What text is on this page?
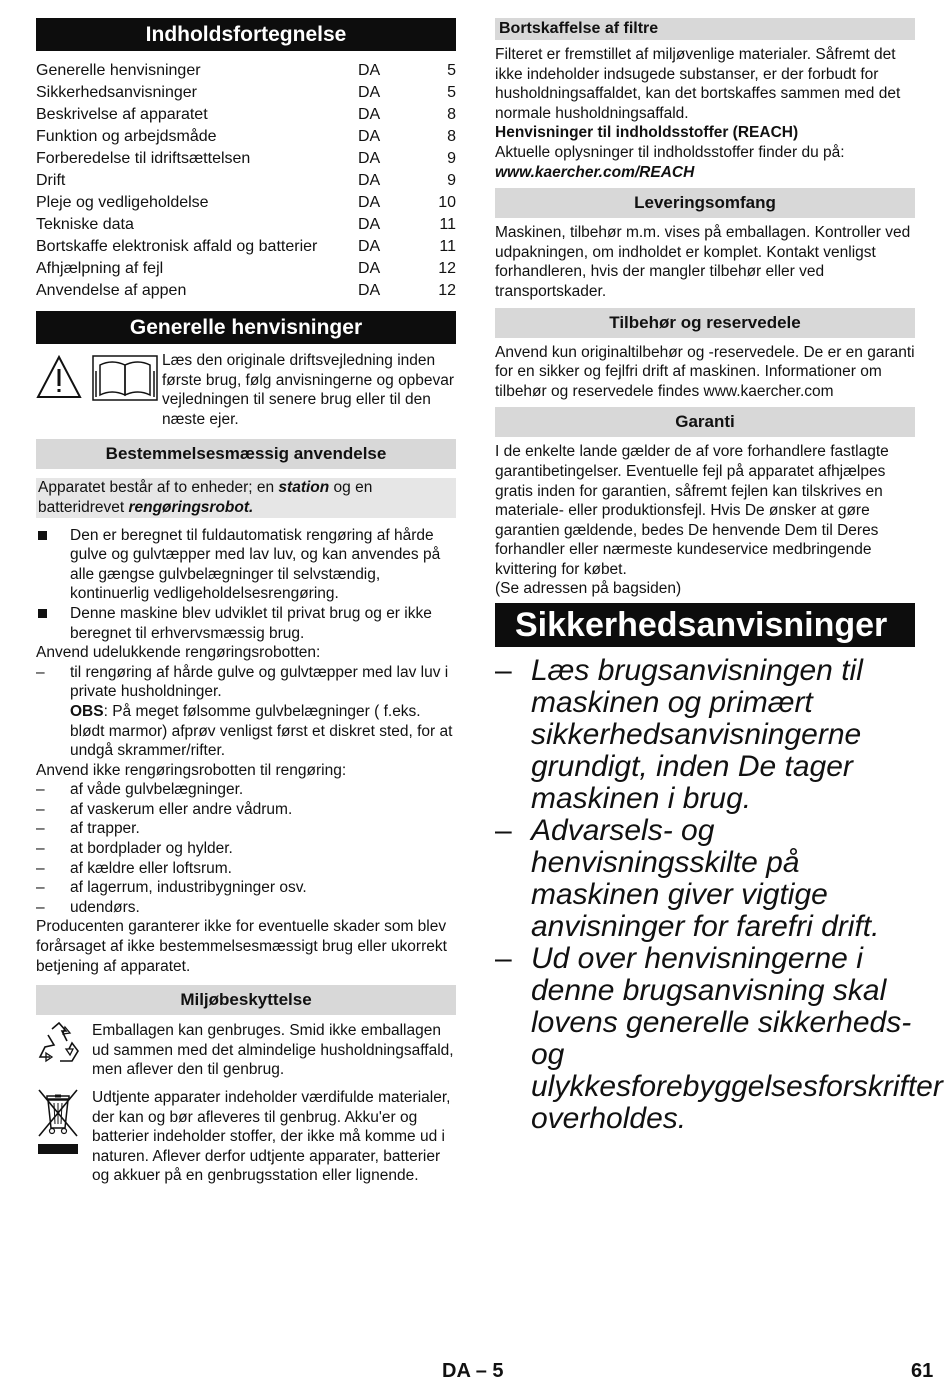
Indholdsfortegnelse
Generelle henvisninger	DA	5
Sikkerhedsanvisninger	DA	5
Beskrivelse af apparatet	DA	8
Funktion og arbejdsmåde	DA	8
Forberedelse til idriftsættelsen	DA	9
Drift	DA	9
Pleje og vedligeholdelse	DA	10
Tekniske data	DA	11
Bortskaffe elektronisk affald og batterier	DA	11
Afhjælpning af fejl	DA	12
Anvendelse af appen	DA	12
Generelle henvisninger

Læs den originale driftsvejledning inden første brug, følg anvisningerne og opbevar vejledningen til senere brug eller til den næste ejer.

Bestemmelsesmæssig anvendelse

Apparatet består af to enheder; en station og en batteridrevet rengøringsrobot.

Den er beregnet til fuldautomatisk rengøring af hårde gulve og gulvtæpper med lav luv, og kan anvendes på alle gængse gulvbelægninger til selvstændig, kontinuerlig vedligeholdelsesrengøring.
Denne maskine blev udviklet til privat brug og er ikke beregnet til erhvervsmæssig brug.

Anvend udelukkende rengøringsrobotten:

– til rengøring af hårde gulve og gulvtæpper med lav luv i private husholdninger.
OBS: På meget følsomme gulvbelægninger ( f.eks. blødt marmor) afprøv venligst først et diskret sted, for at undgå skrammer/rifter.

Anvend ikke rengøringsrobotten til rengøring:

– af våde gulvbelægninger.
– af vaskerum eller andre vådrum.
– af trapper.
– at bordplader og hylder.
– af kældre eller loftsrum.
– af lagerrum, industribygninger osv.
– udendørs.

Producenten garanterer ikke for eventuelle skader som blev forårsaget af ikke bestemmelsesmæssigt brug eller ukorrekt betjening af apparatet.

Miljøbeskyttelse

Emballagen kan genbruges. Smid ikke emballagen ud sammen med det almindelige husholdningsaffald, men aflever den til genbrug.

Udtjente apparater indeholder værdifulde materialer, der kan og bør afleveres til genbrug. Akku'er og batterier indeholder stoffer, der ikke må komme ud i naturen. Aflever derfor udtjente apparater, batterier og akkuer på en genbrugsstation eller lignende.

Bortskaffelse af filtre

Filteret er fremstillet af miljøvenlige materialer. Såfremt det ikke indeholder indsugede substanser, er der forbudt for husholdningsaffaldet, kan det bortskaffes sammen med det normale husholdningsaffald.

Henvisninger til indholdsstoffer (REACH)

Aktuelle oplysninger til indholdsstoffer finder du på:

www.kaercher.com/REACH

Leveringsomfang

Maskinen, tilbehør m.m. vises på emballagen. Kontroller ved udpakningen, om indholdet er komplet. Kontakt venligst forhandleren, hvis der mangler tilbehør eller ved transportskader.

Tilbehør og reservedele

Anvend kun originaltilbehør og -reservedele. De er en garanti for en sikker og fejlfri drift af maskinen. Informationer om tilbehør og reservedele findes www.kaercher.com

Garanti

I de enkelte lande gælder de af vore forhandlere fastlagte garantibetingelser. Eventuelle fejl på apparatet afhjælpes gratis inden for garantien, såfremt fejlen kan tilskrives en materiale- eller produktionsfejl. Hvis De ønsker at gøre garantien gældende, bedes De henvende Dem til Deres forhandler eller nærmeste kundeservice medbringende kvittering for købet.

(Se adressen på bagsiden)

Sikkerhedsanvisninger
– Læs brugsanvisningen til maskinen og primært sikkerhedsanvisningerne grundigt, inden De tager maskinen i brug.
– Advarsels- og henvisningsskilte på maskinen giver vigtige anvisninger for farefri drift.
– Ud over henvisningerne i denne brugsanvisning skal lovens generelle sikkerheds- og ulykkesforebyggelsesforskrifter overholdes.
DA – 5	61
